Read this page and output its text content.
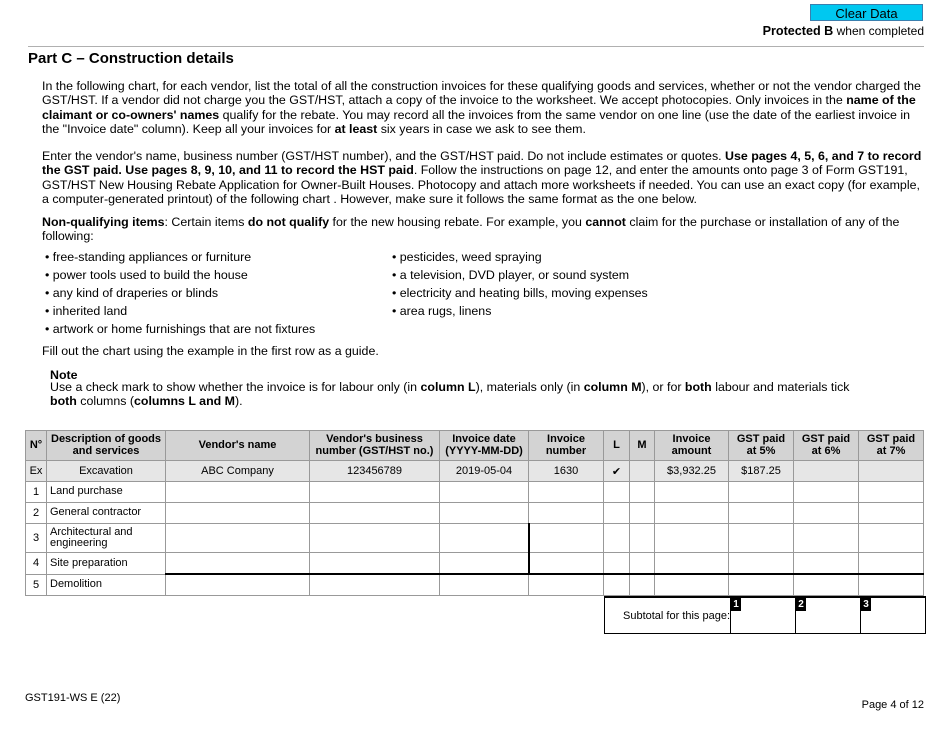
Clear Data
Protected B when completed
Part C – Construction details

In the following chart, for each vendor, list the total of all the construction invoices for these qualifying goods and services, whether or not the vendor charged the GST/HST. If a vendor did not charge you the GST/HST, attach a copy of the invoice to the worksheet. We accept photocopies. Only invoices in the name of the claimant or co-owners' names qualify for the rebate. You may record all the invoices from the same vendor on one line (use the date of the earliest invoice in the "Invoice date" column). Keep all your invoices for at least six years in case we ask to see them.

Enter the vendor's name, business number (GST/HST number), and the GST/HST paid. Do not include estimates or quotes. Use pages 4, 5, 6, and 7 to record the GST paid. Use pages 8, 9, 10, and 11 to record the HST paid. Follow the instructions on page 12, and enter the amounts onto page 3 of Form GST191, GST/HST New Housing Rebate Application for Owner-Built Houses. Photocopy and attach more worksheets if needed. You can use an exact copy (for example, a computer-generated printout) of the following chart . However, make sure it follows the same format as the one below.

Non-qualifying items: Certain items do not qualify for the new housing rebate. For example, you cannot claim for the purchase or installation of any of the following:

• free-standing appliances or furniture
• power tools used to build the house
• any kind of draperies or blinds
• inherited land
• artwork or home furnishings that are not fixtures
• pesticides, weed spraying
• a television, DVD player, or sound system
• electricity and heating bills, moving expenses
• area rugs, linens

Fill out the chart using the example in the first row as a guide.

Note

Use a check mark to show whether the invoice is for labour only (in column L), materials only (in column M), or for both labour and materials tick both columns (columns L and M).

N°	Description of goods and services	Vendor's name	Vendor's business number (GST/HST no.)	Invoice date (YYYY-MM-DD)	Invoice number	L	M	Invoice amount	GST paid at 5%	GST paid at 6%	GST paid at 7%
Ex	Excavation	ABC Company	123456789	2019-05-04	1630	✔		$3,932.25	$187.25		
1	Land purchase										
2	General contractor										
3	Architectural and engineering										
4	Site preparation										
5	Demolition										
Subtotal for this page:
1	2	3
GST191-WS E (22)
Page 4 of 12
